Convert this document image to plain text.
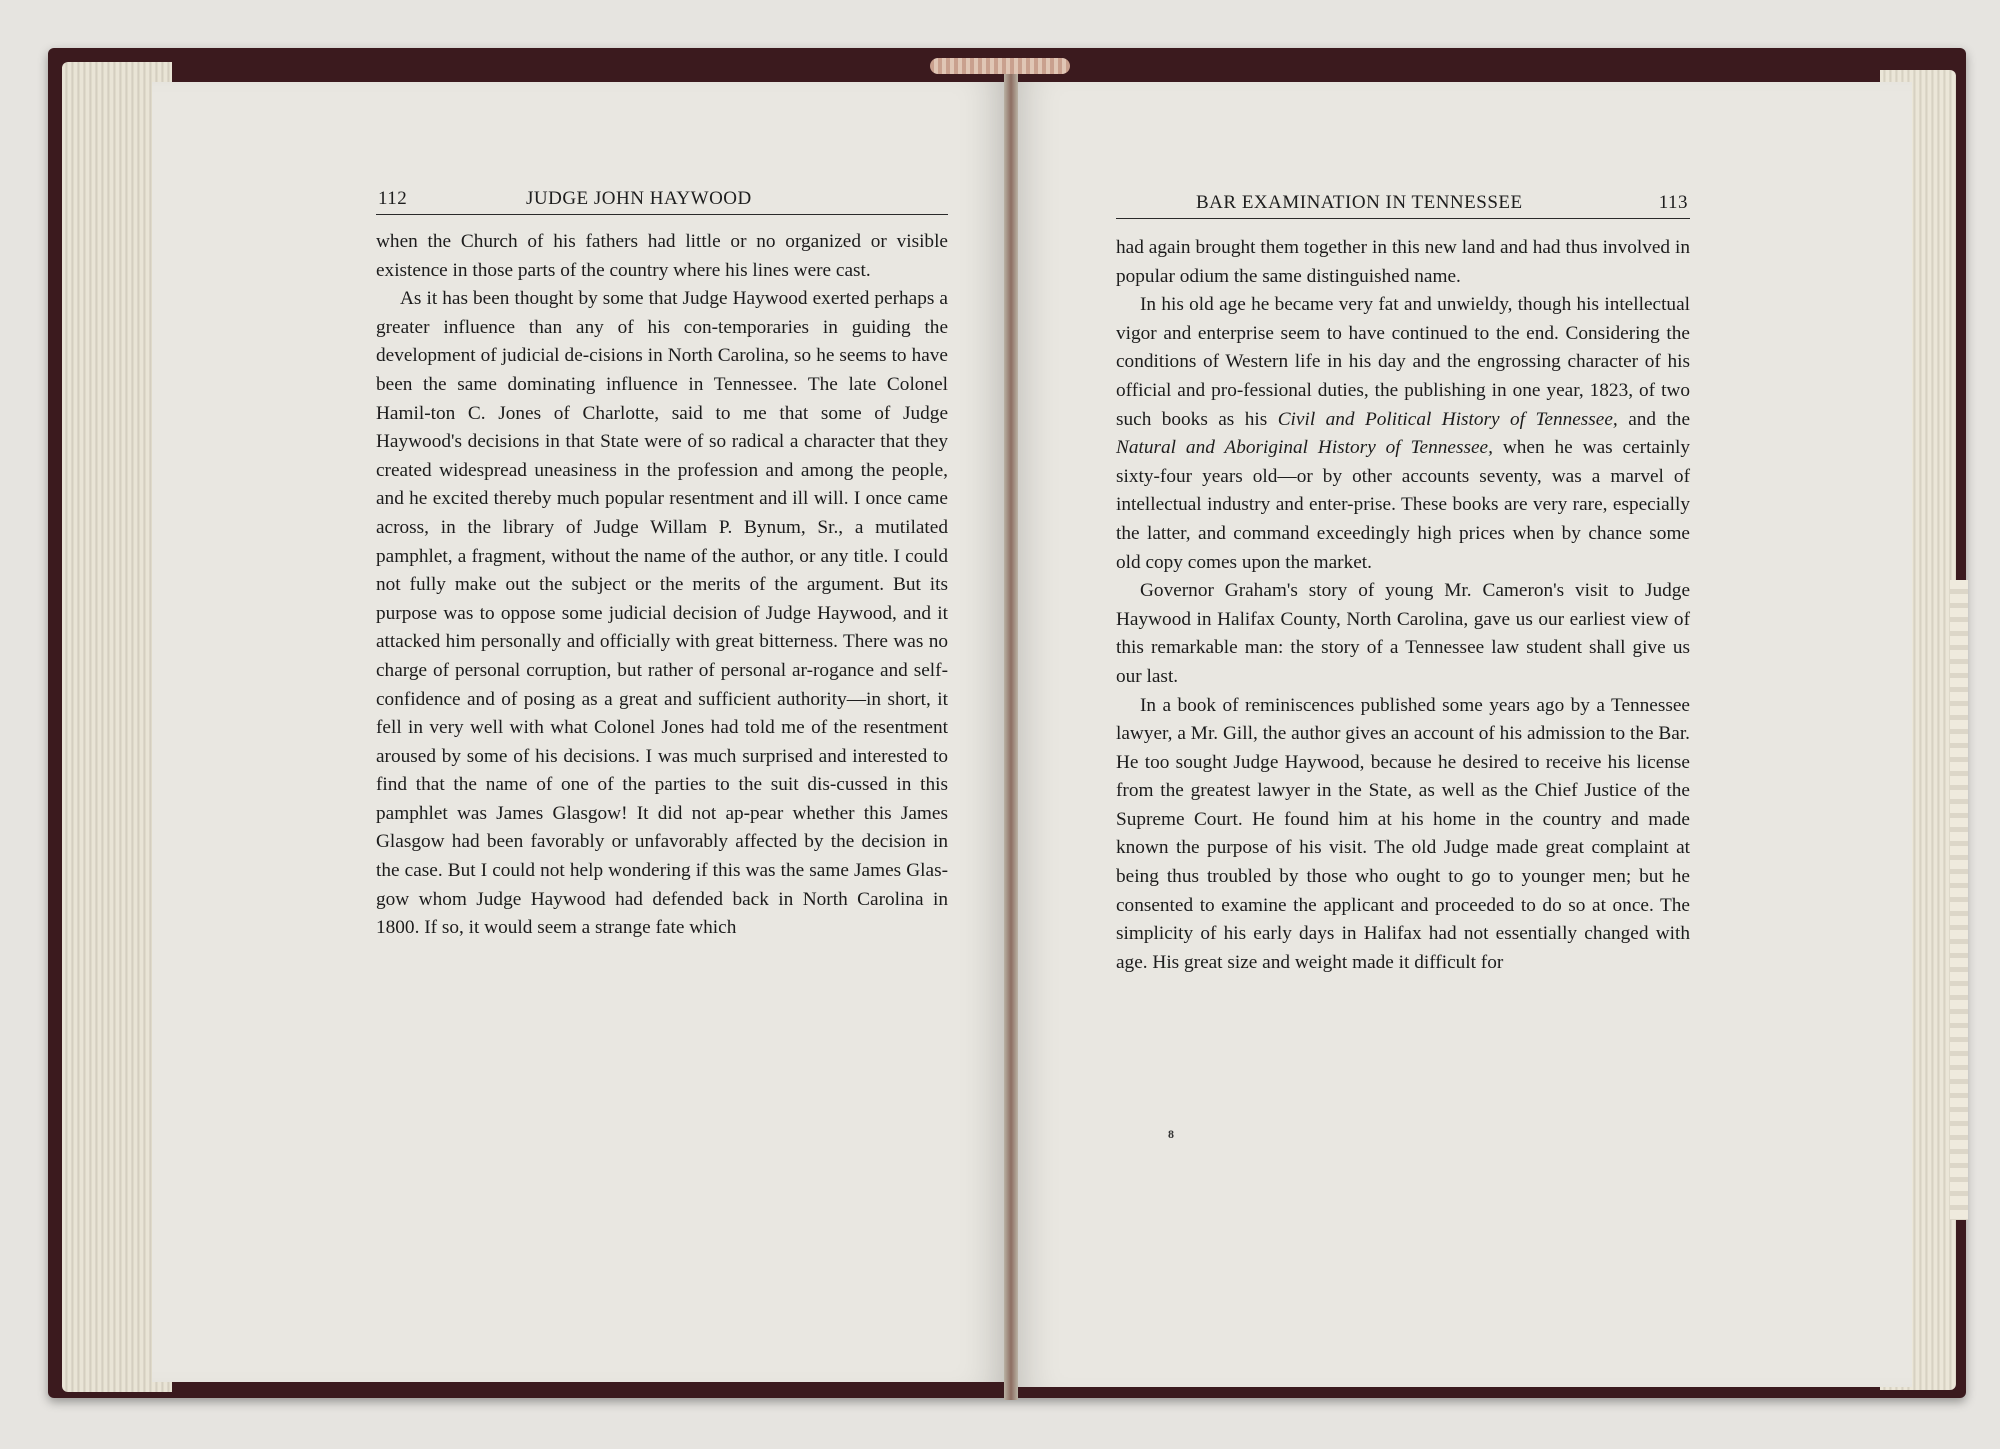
112	JUDGE JOHN HAYWOOD	BAR EXAMINATION IN TENNESSEE	113

when the Church of his fathers had little or no organized or visible existence in those parts of the country where his lines were cast.

As it has been thought by some that Judge Haywood exerted perhaps a greater influence than any of his con-temporaries in guiding the development of judicial de-cisions in North Carolina, so he seems to have been the same dominating influence in Tennessee. The late Colonel Hamil-ton C. Jones of Charlotte, said to me that some of Judge Haywood's decisions in that State were of so radical a character that they created widespread uneasiness in the profession and among the people, and he excited thereby much popular resentment and ill will. I once came across, in the library of Judge Willam P. Bynum, Sr., a mutilated pamphlet, a fragment, without the name of the author, or any title. I could not fully make out the subject or the merits of the argument. But its purpose was to oppose some judicial decision of Judge Haywood, and it attacked him personally and officially with great bitterness. There was no charge of personal corruption, but rather of personal ar-rogance and self-confidence and of posing as a great and sufficient authority—in short, it fell in very well with what Colonel Jones had told me of the resentment aroused by some of his decisions. I was much surprised and interested to find that the name of one of the parties to the suit dis-cussed in this pamphlet was James Glasgow! It did not ap-pear whether this James Glasgow had been favorably or unfavorably affected by the decision in the case. But I could not help wondering if this was the same James Glas-gow whom Judge Haywood had defended back in North Carolina in 1800. If so, it would seem a strange fate which

had again brought them together in this new land and had thus involved in popular odium the same distinguished name.

In his old age he became very fat and unwieldy, though his intellectual vigor and enterprise seem to have continued to the end. Considering the conditions of Western life in his day and the engrossing character of his official and pro-fessional duties, the publishing in one year, 1823, of two such books as his Civil and Political History of Tennessee, and the Natural and Aboriginal History of Tennessee, when he was certainly sixty-four years old—or by other accounts seventy, was a marvel of intellectual industry and enter-prise. These books are very rare, especially the latter, and command exceedingly high prices when by chance some old copy comes upon the market.

Governor Graham's story of young Mr. Cameron's visit to Judge Haywood in Halifax County, North Carolina, gave us our earliest view of this remarkable man: the story of a Tennessee law student shall give us our last.

In a book of reminiscences published some years ago by a Tennessee lawyer, a Mr. Gill, the author gives an account of his admission to the Bar. He too sought Judge Haywood, because he desired to receive his license from the greatest lawyer in the State, as well as the Chief Justice of the Supreme Court. He found him at his home in the country and made known the purpose of his visit. The old Judge made great complaint at being thus troubled by those who ought to go to younger men; but he consented to examine the applicant and proceeded to do so at once. The simplicity of his early days in Halifax had not essentially changed with age. His great size and weight made it difficult for

8
